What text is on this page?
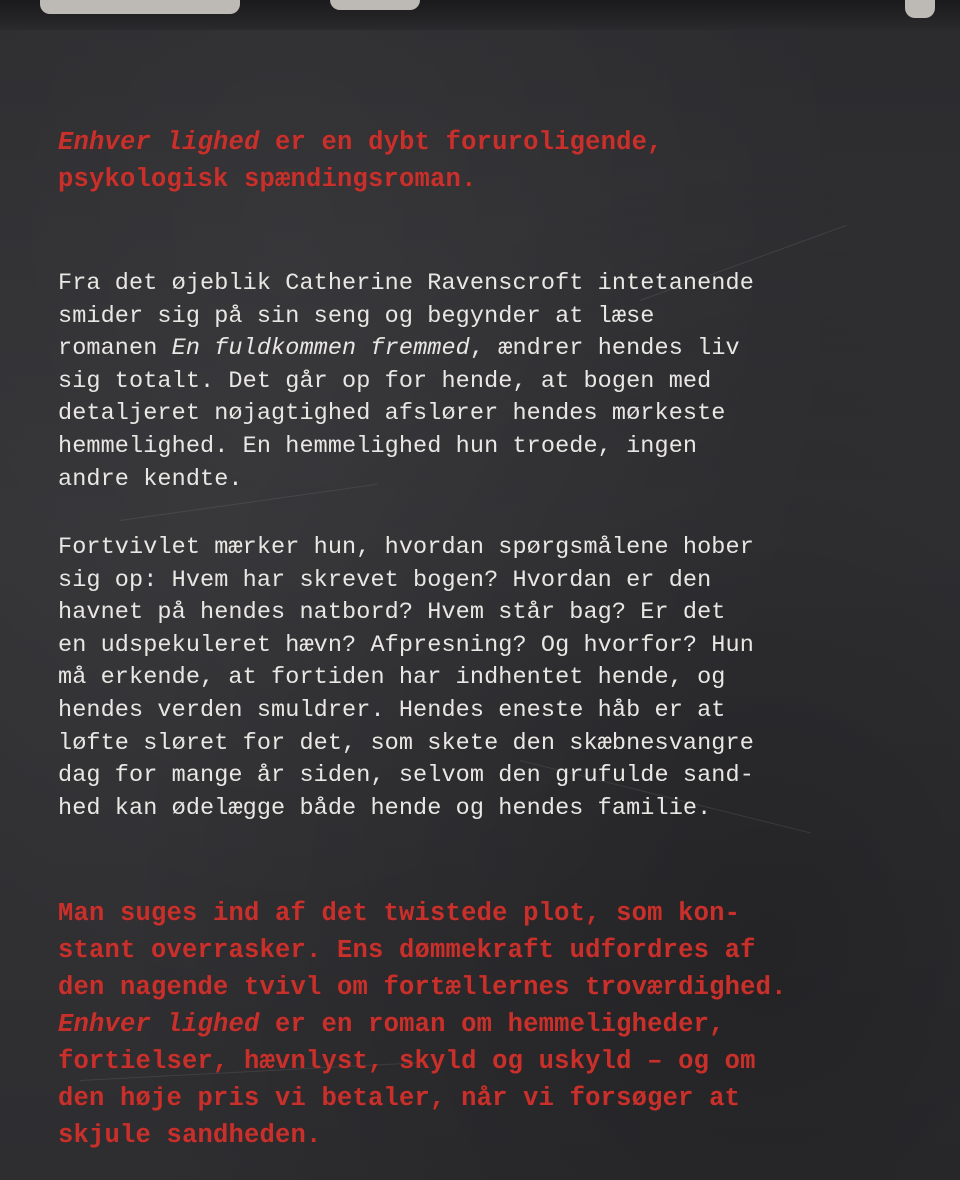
Enhver lighed er en dybt foruroligende,
psykologisk spændingsroman.
Fra det øjeblik Catherine Ravenscroft intetanende
smider sig på sin seng og begynder at læse
romanen En fuldkommen fremmed, ændrer hendes liv
sig totalt. Det går op for hende, at bogen med
detaljeret nøjagtighed afslører hendes mørkeste
hemmelighed. En hemmelighed hun troede, ingen
andre kendte.
Fortvivlet mærker hun, hvordan spørgsmålene hober
sig op: Hvem har skrevet bogen? Hvordan er den
havnet på hendes natbord? Hvem står bag? Er det
en udspekuleret hævn? Afpresning? Og hvorfor? Hun
må erkende, at fortiden har indhentet hende, og
hendes verden smuldrer. Hendes eneste håb er at
løfte sløret for det, som skete den skæbnesvangre
dag for mange år siden, selvom den grufulde sand-
hed kan ødelægge både hende og hendes familie.
Man suges ind af det twistede plot, som kon-
stant overrasker. Ens dømmekraft udfordres af
den nagende tvivl om fortællernes troværdighed.
Enhver lighed er en roman om hemmeligheder,
fortielser, hævnlyst, skyld og uskyld – og om
den høje pris vi betaler, når vi forsøger at
skjule sandheden.
